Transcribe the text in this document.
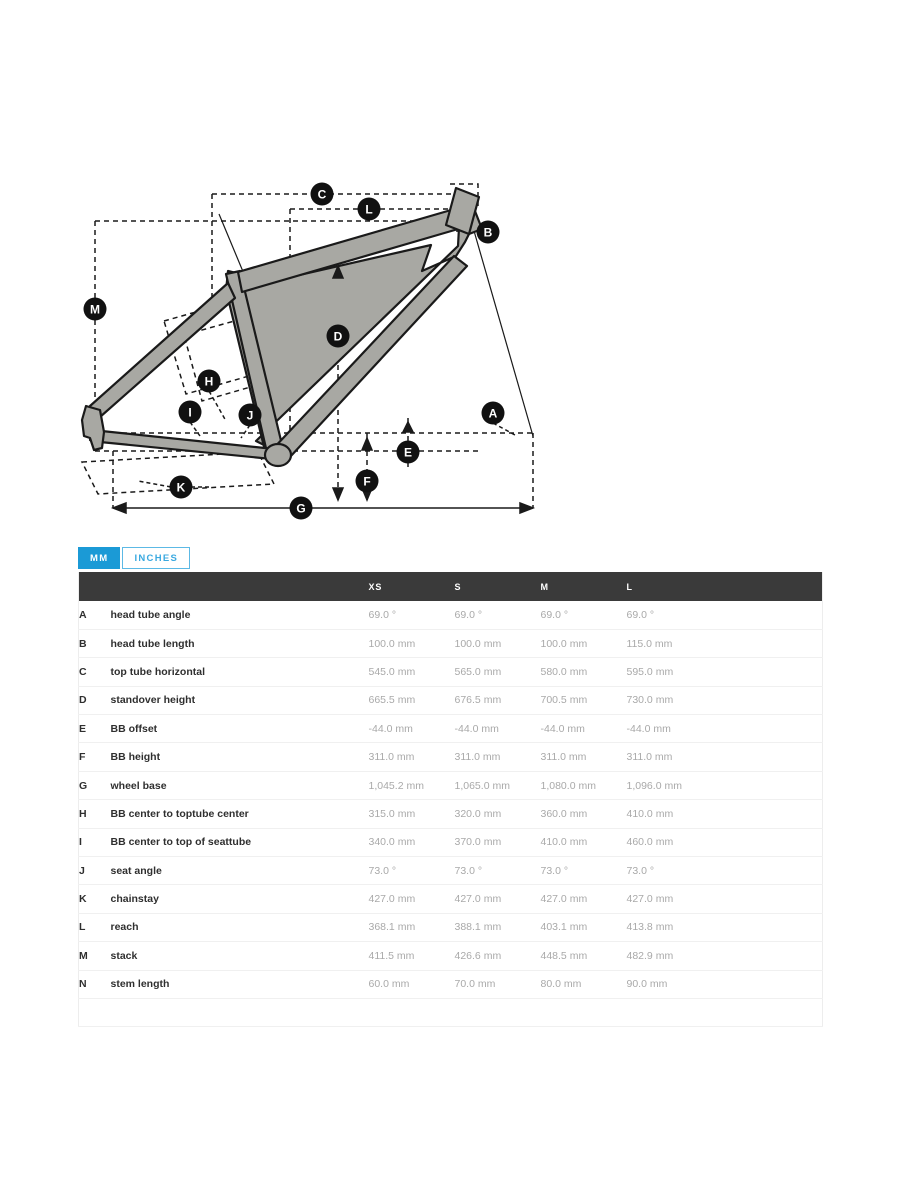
C
L
B
M
D
H
I	J	A
E
F
K
G
MM	INCHES
		XS	S	M	L	
A	head tube angle	69.0 °	69.0 °	69.0 °	69.0 °	
B	head tube length	100.0 mm	100.0 mm	100.0 mm	115.0 mm	
C	top tube horizontal	545.0 mm	565.0 mm	580.0 mm	595.0 mm	
D	standover height	665.5 mm	676.5 mm	700.5 mm	730.0 mm	
E	BB offset	-44.0 mm	-44.0 mm	-44.0 mm	-44.0 mm	
F	BB height	311.0 mm	311.0 mm	311.0 mm	311.0 mm	
G	wheel base	1,045.2 mm	1,065.0 mm	1,080.0 mm	1,096.0 mm	
H	BB center to toptube center	315.0 mm	320.0 mm	360.0 mm	410.0 mm	
I	BB center to top of seattube	340.0 mm	370.0 mm	410.0 mm	460.0 mm	
J	seat angle	73.0 °	73.0 °	73.0 °	73.0 °	
K	chainstay	427.0 mm	427.0 mm	427.0 mm	427.0 mm	
L	reach	368.1 mm	388.1 mm	403.1 mm	413.8 mm	
M	stack	411.5 mm	426.6 mm	448.5 mm	482.9 mm	
N	stem length	60.0 mm	70.0 mm	80.0 mm	90.0 mm	
